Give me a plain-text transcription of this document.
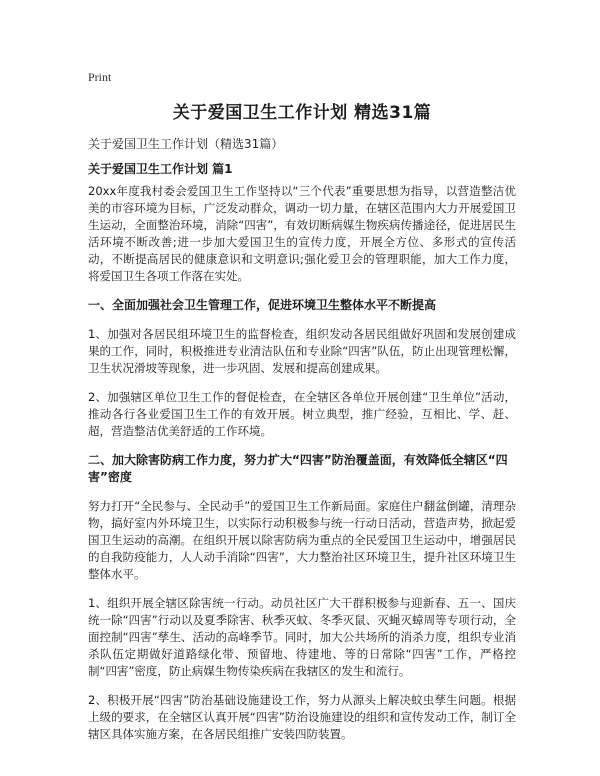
Print
关于爱国卫生工作计划 精选31篇
关于爱国卫生工作计划（精选31篇）
关于爱国卫生工作计划 篇1

20xx年度我村委会爱国卫生工作坚持以“三个代表”重要思想为指导，以营造整洁优美的市容环境为目标，广泛发动群众，调动一切力量，在辖区范围内大力开展爱国卫生运动，全面整治环境，消除“四害”，有效切断病媒生物疾病传播途径，促进居民生活环境不断改善;进一步加大爱国卫生的宣传力度，开展全方位、多形式的宣传活动，不断提高居民的健康意识和文明意识;强化爱卫会的管理职能，加大工作力度，将爱国卫生各项工作落在实处。

一、全面加强社会卫生管理工作，促进环境卫生整体水平不断提高

1、加强对各居民组环境卫生的监督检查，组织发动各居民组做好巩固和发展创建成果的工作，同时，积极推进专业清洁队伍和专业除“四害”队伍，防止出现管理松懈，卫生状况滑坡等现象，进一步巩固、发展和提高创建成果。

2、加强辖区单位卫生工作的督促检查，在全辖区各单位开展创建“卫生单位”活动，推动各行各业爱国卫生工作的有效开展。树立典型，推广经验，互相比、学、赶、超，营造整洁优美舒适的工作环境。

二、加大除害防病工作力度，努力扩大“四害”防治覆盖面，有效降低全辖区“四害”密度

努力打开“全民参与、全民动手”的爱国卫生工作新局面。家庭住户翻盆倒罐，清理杂物，搞好室内外环境卫生，以实际行动积极参与统一行动日活动，营造声势，掀起爱国卫生运动的高潮。在组织开展以除害防病为重点的全民爱国卫生运动中，增强居民的自我防疫能力，人人动手消除“四害”，大力整治社区环境卫生，提升社区环境卫生整体水平。

1、组织开展全辖区除害统一行动。动员社区广大干群积极参与迎新春、五一、国庆统一除“四害”行动以及夏季除害、秋季灭蚊、冬季灭鼠、灭蝇灭蟑周等专项行动，全面控制“四害”孳生、活动的高峰季节。同时，加大公共场所的消杀力度，组织专业消杀队伍定期做好道路绿化带、预留地、待建地、等的日常除“四害”工作，严格控制“四害”密度，防止病媒生物传染疾病在我辖区的发生和流行。

2、积极开展“四害”防治基础设施建设工作，努力从源头上解决蚊虫孳生问题。根据上级的要求，在全辖区认真开展“四害”防治设施建设的组织和宣传发动工作，制订全辖区具体实施方案，在各居民组推广安装四防装置。
